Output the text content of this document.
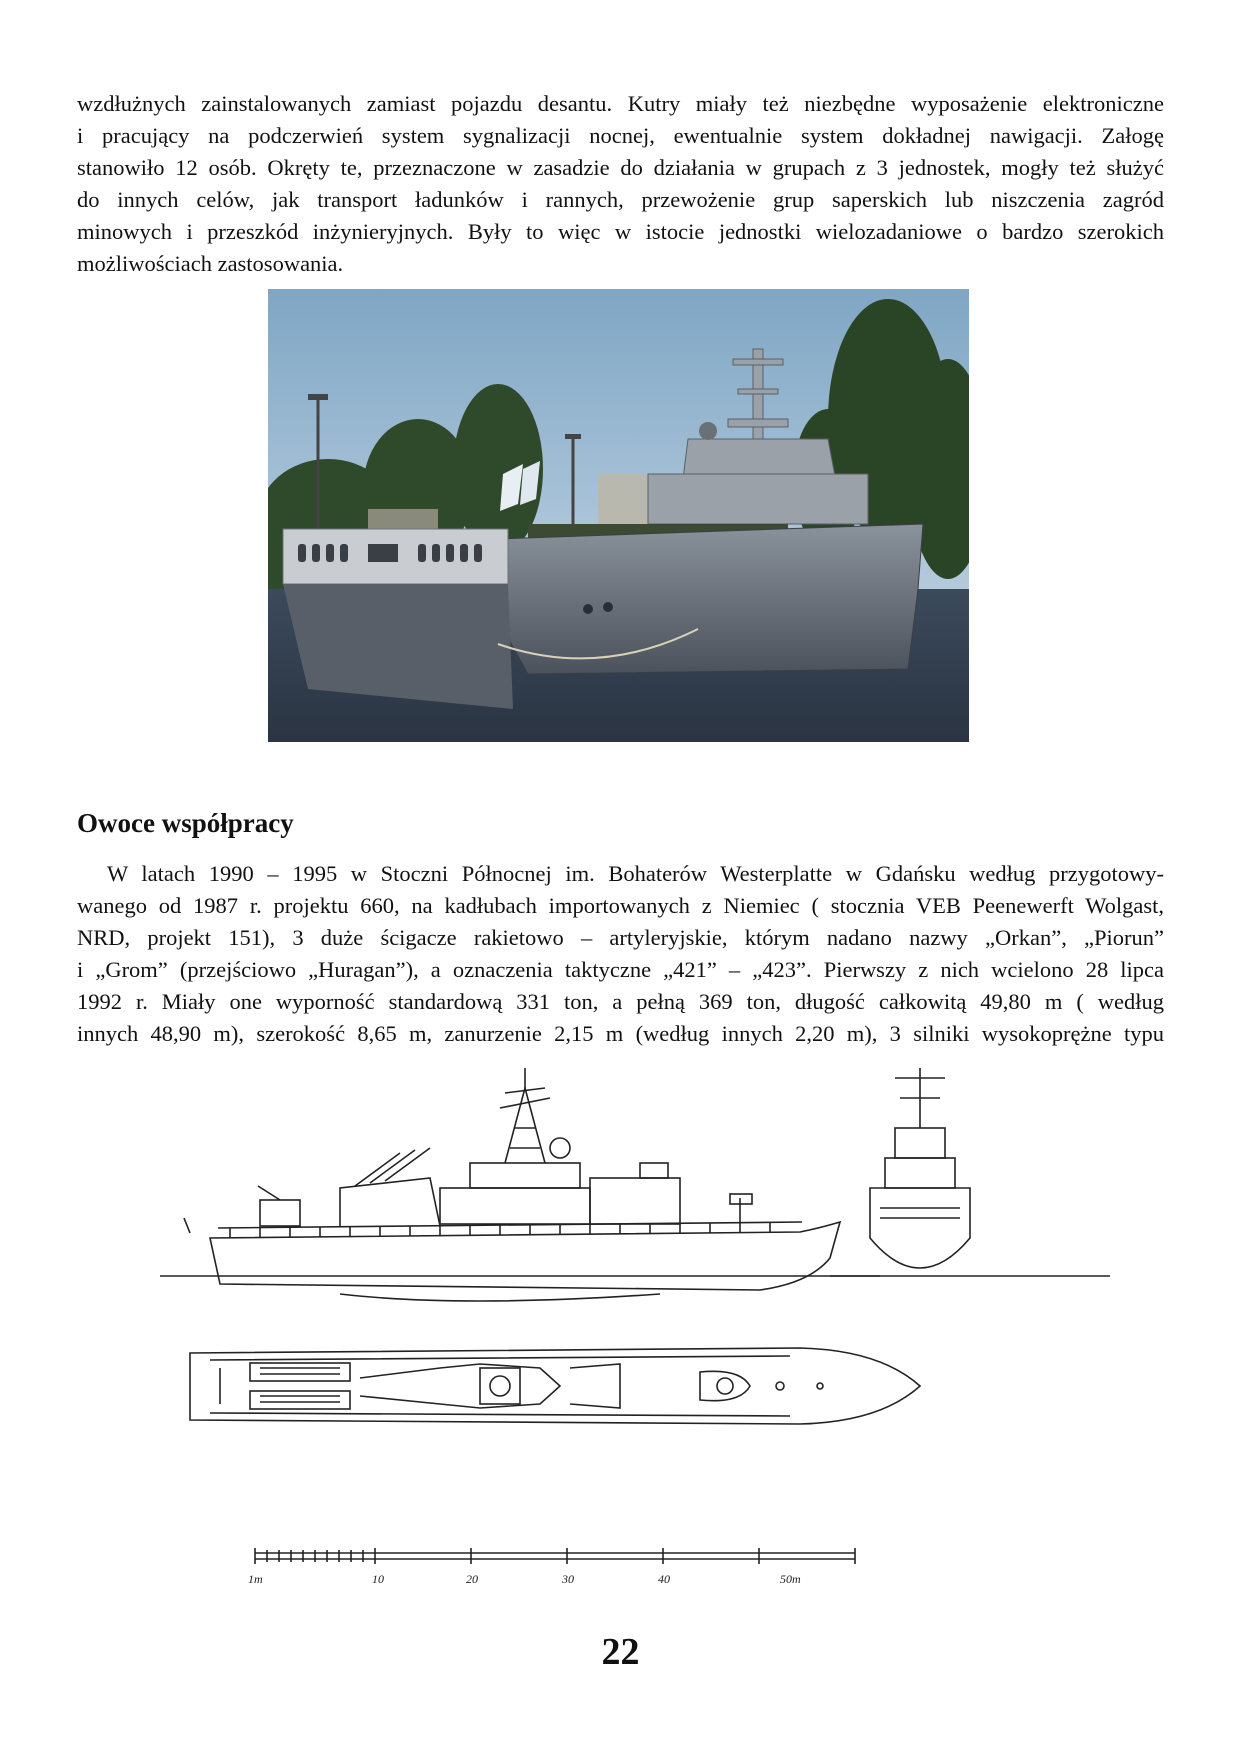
wzdłużnych zainstalowanych zamiast pojazdu desantu. Kutry miały też niezbędne wyposażenie elektroniczne
i pracujący na podczerwień system sygnalizacji nocnej, ewentualnie system dokładnej nawigacji. Załogę
stanowiło 12 osób. Okręty te, przeznaczone w zasadzie do działania w grupach z 3 jednostek, mogły też służyć
do innych celów, jak transport ładunków i rannych, przewożenie grup saperskich lub niszczenia zagród
minowych i przeszkód inżynieryjnych. Były to więc w istocie jednostki wielozadaniowe o bardzo szerokich
możliwościach zastosowania.
Owoce współpracy
W latach 1990 – 1995 w Stoczni Północnej im. Bohaterów Westerplatte w Gdańsku według przygotowy-
wanego od 1987 r. projektu 660, na kadłubach importowanych z Niemiec ( stocznia VEB Peenewerft Wolgast,
NRD, projekt 151), 3 duże ścigacze rakietowo – artyleryjskie, którym nadano nazwy „Orkan”, „Piorun”
i „Grom” (przejściowo „Huragan”), a oznaczenia taktyczne „421” – „423”. Pierwszy z nich wcielono 28 lipca
1992 r. Miały one wyporność standardową 331 ton, a pełną 369 ton, długość całkowitą 49,80 m ( według
innych 48,90 m), szerokość 8,65 m, zanurzenie 2,15 m (według innych 2,20 m), 3 silniki wysokoprężne typu
1m	10	20	30	40	50m

22
